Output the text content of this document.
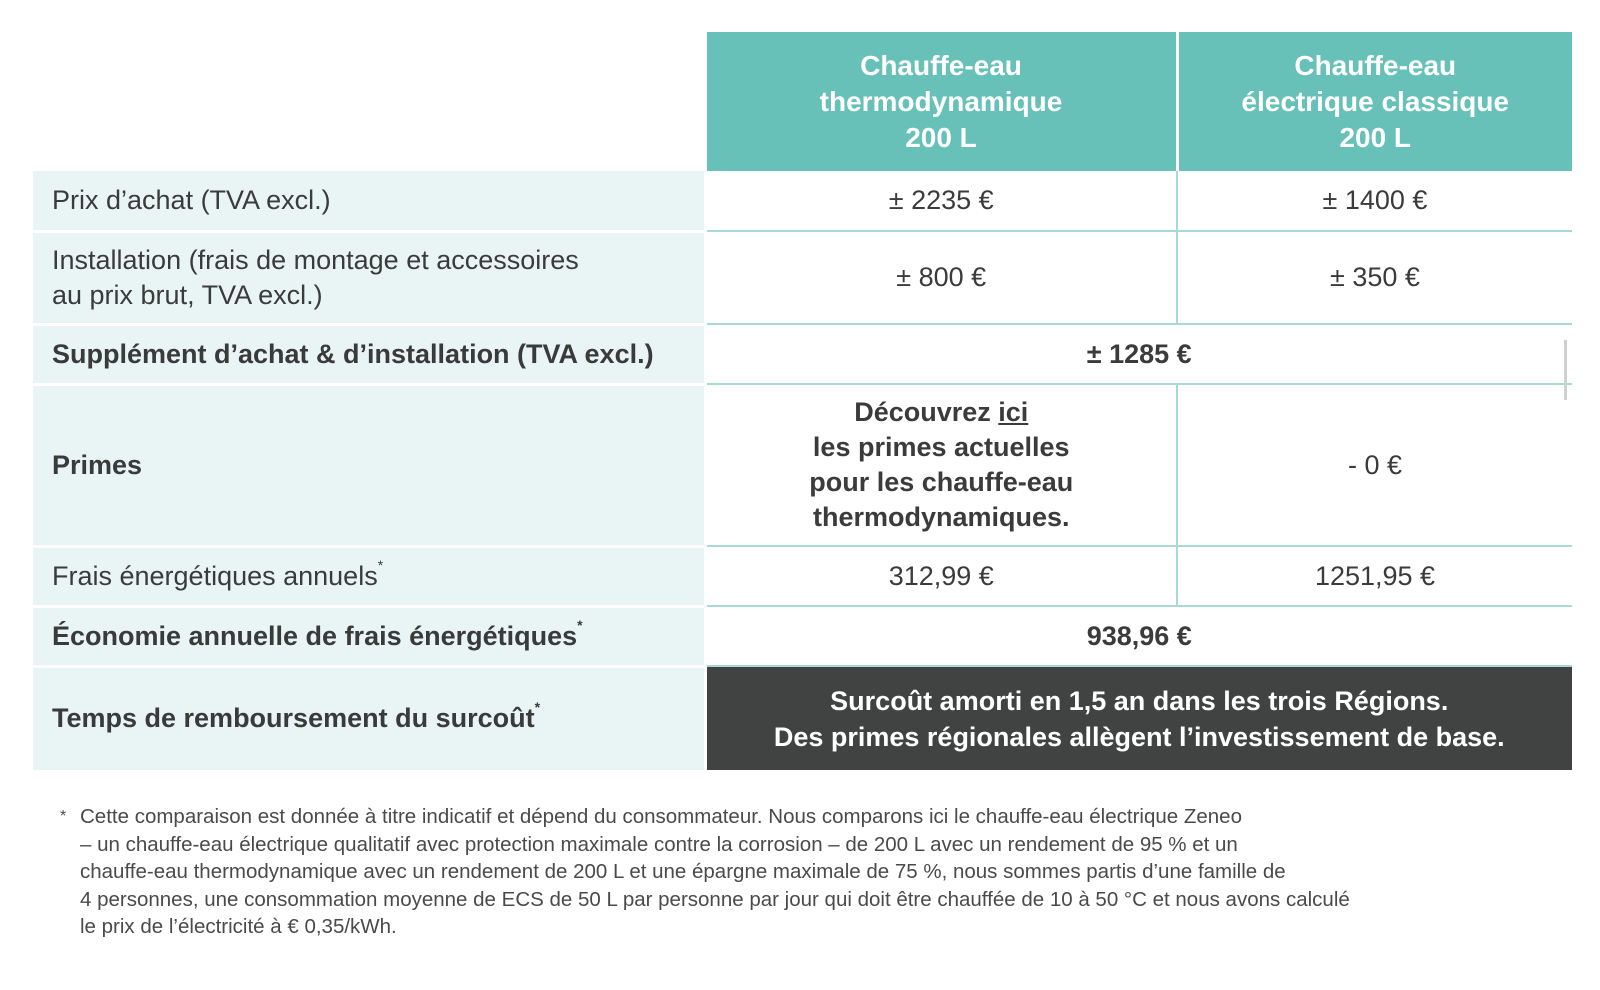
	Chauffe-eau
thermodynamique
200 L	Chauffe-eau
électrique classique
200 L
Prix d’achat (TVA excl.)	± 2235 €	± 1400 €
Installation (frais de montage et accessoires
au prix brut, TVA excl.)	± 800 €	± 350 €
Supplément d’achat & d’installation (TVA excl.)	± 1285 €	
Primes	Découvrez ici
les primes actuelles
pour les chauffe-eau
thermodynamiques.	- 0 €
Frais énergétiques annuels*	312,99 €	1251,95 €
Économie annuelle de frais énergétiques*	938,96 €	
Temps de remboursement du surcoût*	Surcoût amorti en 1,5 an dans les trois Régions.
Des primes régionales allègent l’investissement de base.	
* Cette comparaison est donnée à titre indicatif et dépend du consommateur. Nous comparons ici le chauffe-eau électrique Zeneo
– un chauffe-eau électrique qualitatif avec protection maximale contre la corrosion – de 200 L avec un rendement de 95 % et un
chauffe-eau thermodynamique avec un rendement de 200 L et une épargne maximale de 75 %, nous sommes partis d’une famille de
4 personnes, une consommation moyenne de ECS de 50 L par personne par jour qui doit être chauffée de 10 à 50 °C et nous avons calculé
le prix de l’électricité à € 0,35/kWh.
